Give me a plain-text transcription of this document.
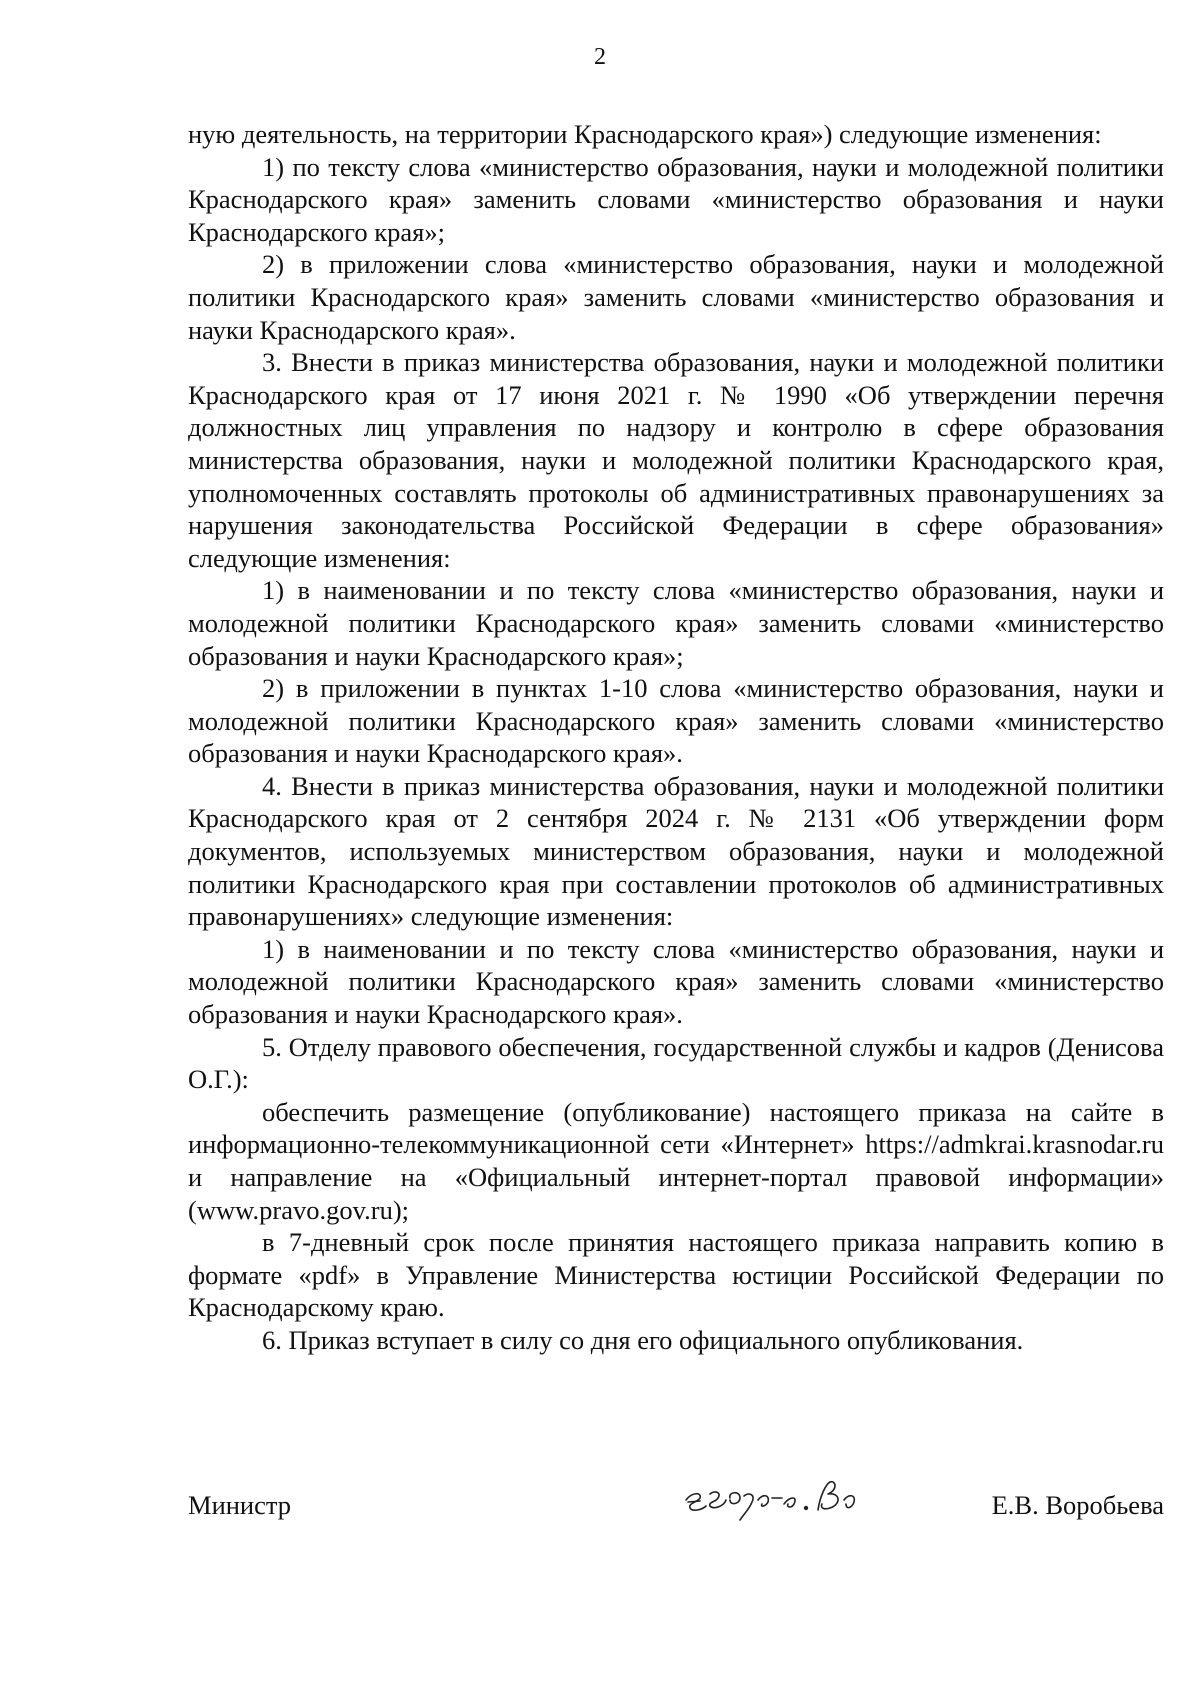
2

ную деятельность, на территории Краснодарского края») следующие изменения:

1) по тексту слова «министерство образования, науки и молодежной политики Краснодарского края» заменить словами «министерство образования и науки Краснодарского края»;

2) в приложении слова «министерство образования, науки и молодежной политики Краснодарского края» заменить словами «министерство образования и науки Краснодарского края».

3. Внести в приказ министерства образования, науки и молодежной политики Краснодарского края от 17 июня 2021 г. № 1990 «Об утверждении перечня должностных лиц управления по надзору и контролю в сфере образования министерства образования, науки и молодежной политики Краснодарского края, уполномоченных составлять протоколы об административных правонарушениях за нарушения законодательства Российской Федерации в сфере образования» следующие изменения:

1) в наименовании и по тексту слова «министерство образования, науки и молодежной политики Краснодарского края» заменить словами «министерство образования и науки Краснодарского края»;

2) в приложении в пунктах 1-10 слова «министерство образования, науки и молодежной политики Краснодарского края» заменить словами «министерство образования и науки Краснодарского края».

4. Внести в приказ министерства образования, науки и молодежной политики Краснодарского края от 2 сентября 2024 г. № 2131 «Об утверждении форм документов, используемых министерством образования, науки и молодежной политики Краснодарского края при составлении протоколов об административных правонарушениях» следующие изменения:

1) в наименовании и по тексту слова «министерство образования, науки и молодежной политики Краснодарского края» заменить словами «министерство образования и науки Краснодарского края».

5. Отделу правового обеспечения, государственной службы и кадров (Денисова О.Г.):

обеспечить размещение (опубликование) настоящего приказа на сайте в информационно-телекоммуникационной сети «Интернет» https://admkrai.krasnodar.ru и направление на «Официальный интернет-портал правовой информации» (www.pravo.gov.ru);

в 7-дневный срок после принятия настоящего приказа направить копию в формате «pdf» в Управление Министерства юстиции Российской Федерации по Краснодарскому краю.

6. Приказ вступает в силу со дня его официального опубликования.

Министр	Е.В. Воробьева
